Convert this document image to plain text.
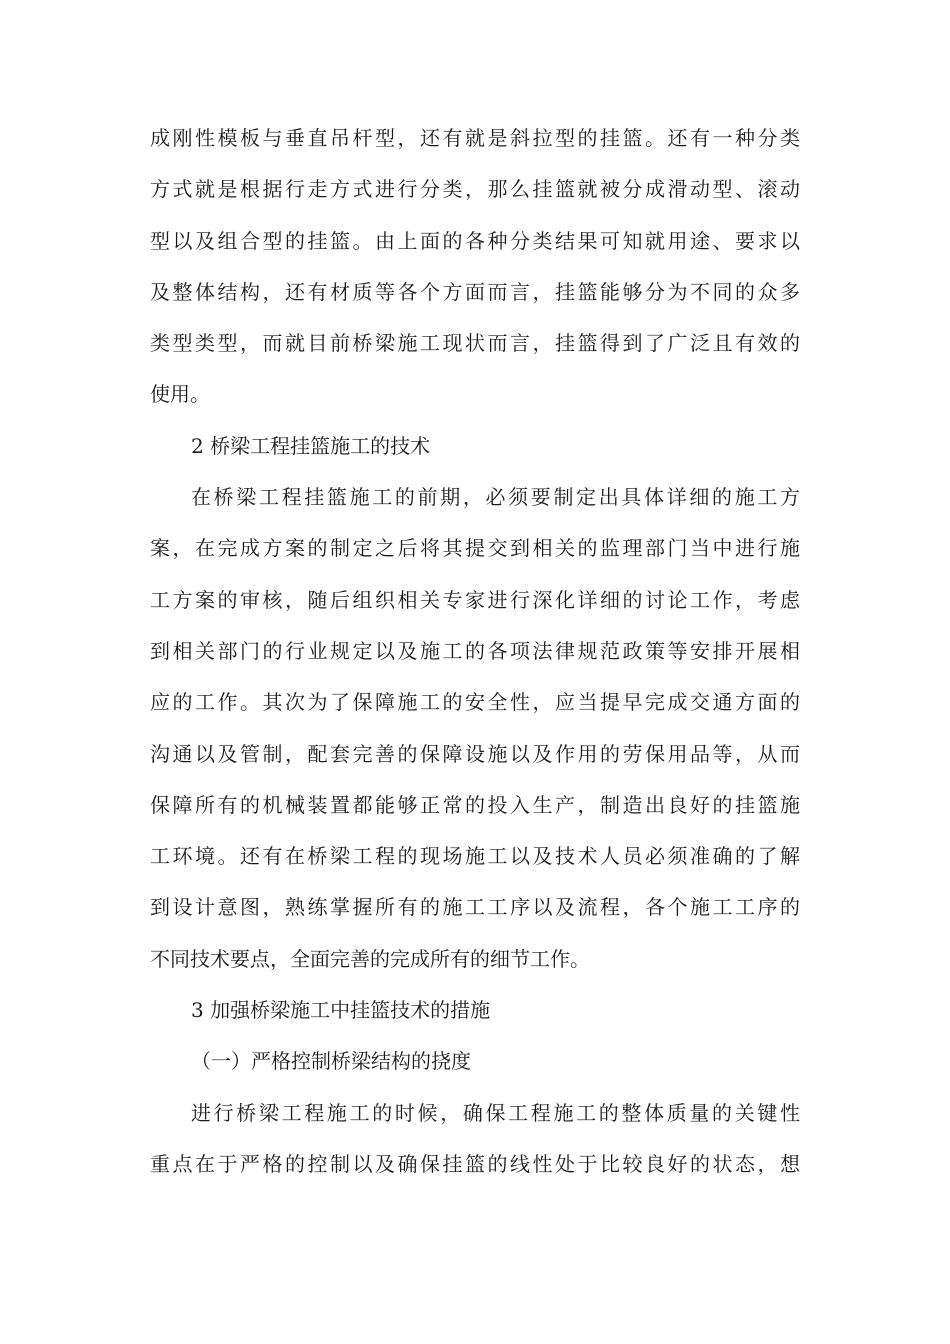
成刚性模板与垂直吊杆型，还有就是斜拉型的挂篮。还有一种分类
方式就是根据行走方式进行分类，那么挂篮就被分成滑动型、滚动
型以及组合型的挂篮。由上面的各种分类结果可知就用途、要求以
及整体结构，还有材质等各个方面而言，挂篮能够分为不同的众多
类型类型，而就目前桥梁施工现状而言，挂篮得到了广泛且有效的
使用。
2 桥梁工程挂篮施工的技术
在桥梁工程挂篮施工的前期，必须要制定出具体详细的施工方
案，在完成方案的制定之后将其提交到相关的监理部门当中进行施
工方案的审核，随后组织相关专家进行深化详细的讨论工作，考虑
到相关部门的行业规定以及施工的各项法律规范政策等安排开展相
应的工作。其次为了保障施工的安全性，应当提早完成交通方面的
沟通以及管制，配套完善的保障设施以及作用的劳保用品等，从而
保障所有的机械装置都能够正常的投入生产，制造出良好的挂篮施
工环境。还有在桥梁工程的现场施工以及技术人员必须准确的了解
到设计意图，熟练掌握所有的施工工序以及流程，各个施工工序的
不同技术要点，全面完善的完成所有的细节工作。
3 加强桥梁施工中挂篮技术的措施
（一）严格控制桥梁结构的挠度
进行桥梁工程施工的时候，确保工程施工的整体质量的关键性
重点在于严格的控制以及确保挂篮的线性处于比较良好的状态，想
